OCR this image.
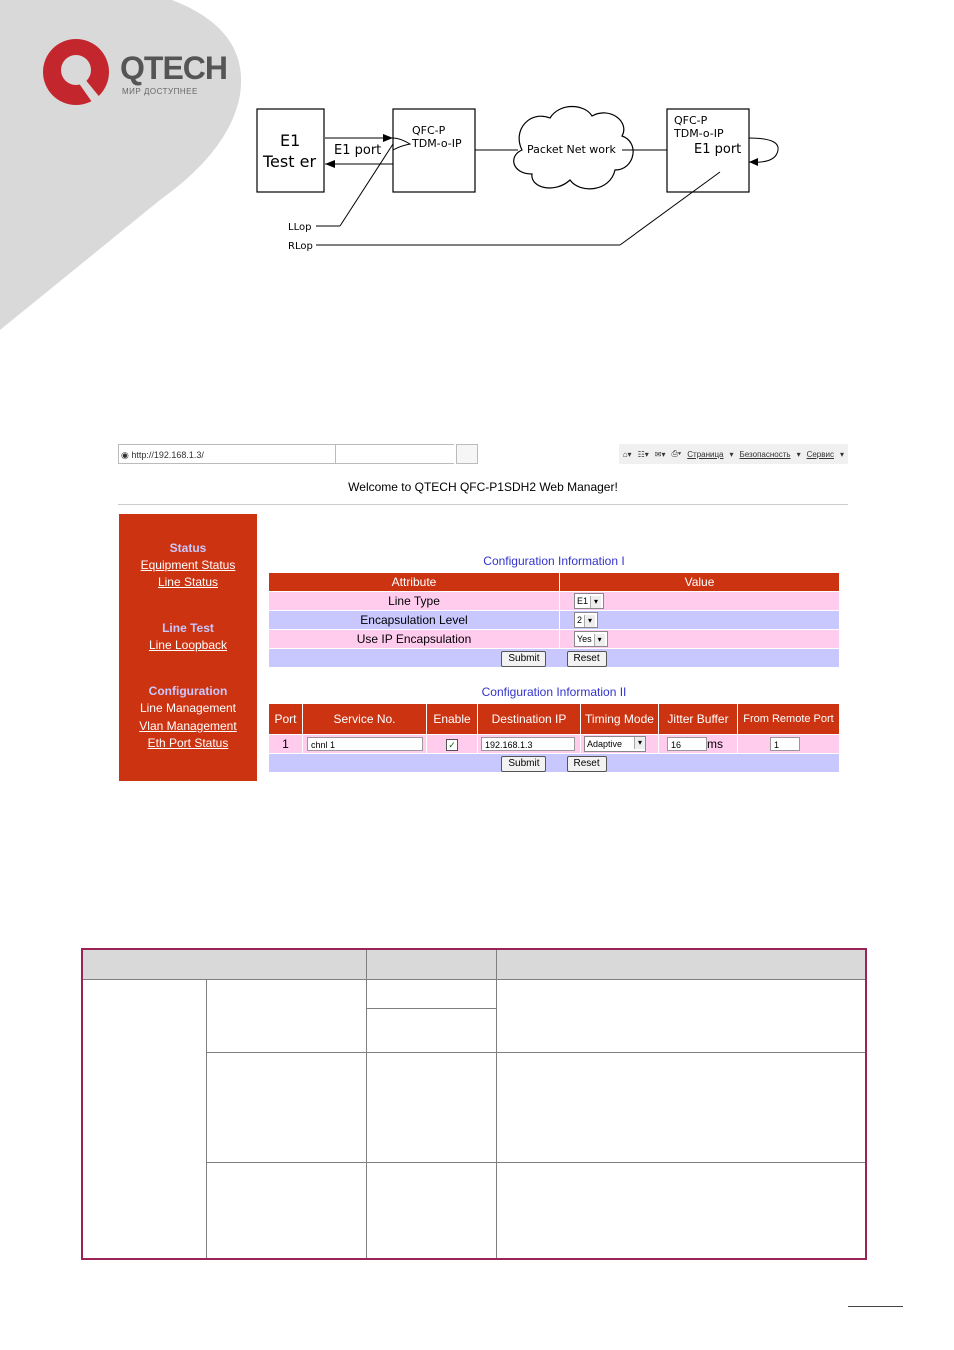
QTECH
МИР ДОСТУПНЕЕ
E1
Test er
QFC-P
TDM-o-IP
E1 port	Packet Net work
QFC-P
TDM-o-IP
E1 port
LLop
RLop
◉ http://192.168.1.3/	⌂▾ ☷▾ ✉▾ ⎙▾ Страница ▾ Безопасность ▾ Сервис ▾
Welcome to QTECH QFC-P1SDH2 Web Manager!
Status
Equipment Status
Line Status
Line Test
Line Loopback
Configuration
Line Management
Vlan Management
Eth Port Status
Configuration Information I
Attribute	Value
Line Type	E1 ▾
Encapsulation Level	2 ▾
Use IP Encapsulation	Yes ▾
Submit Reset	
Configuration Information II
Port	Service No.	Enable	Destination IP	Timing Mode	Jitter Buffer	From Remote Port
1	chnl 1	✓	192.168.1.3	Adaptive ▾	16 ms	1
Submit Reset						
